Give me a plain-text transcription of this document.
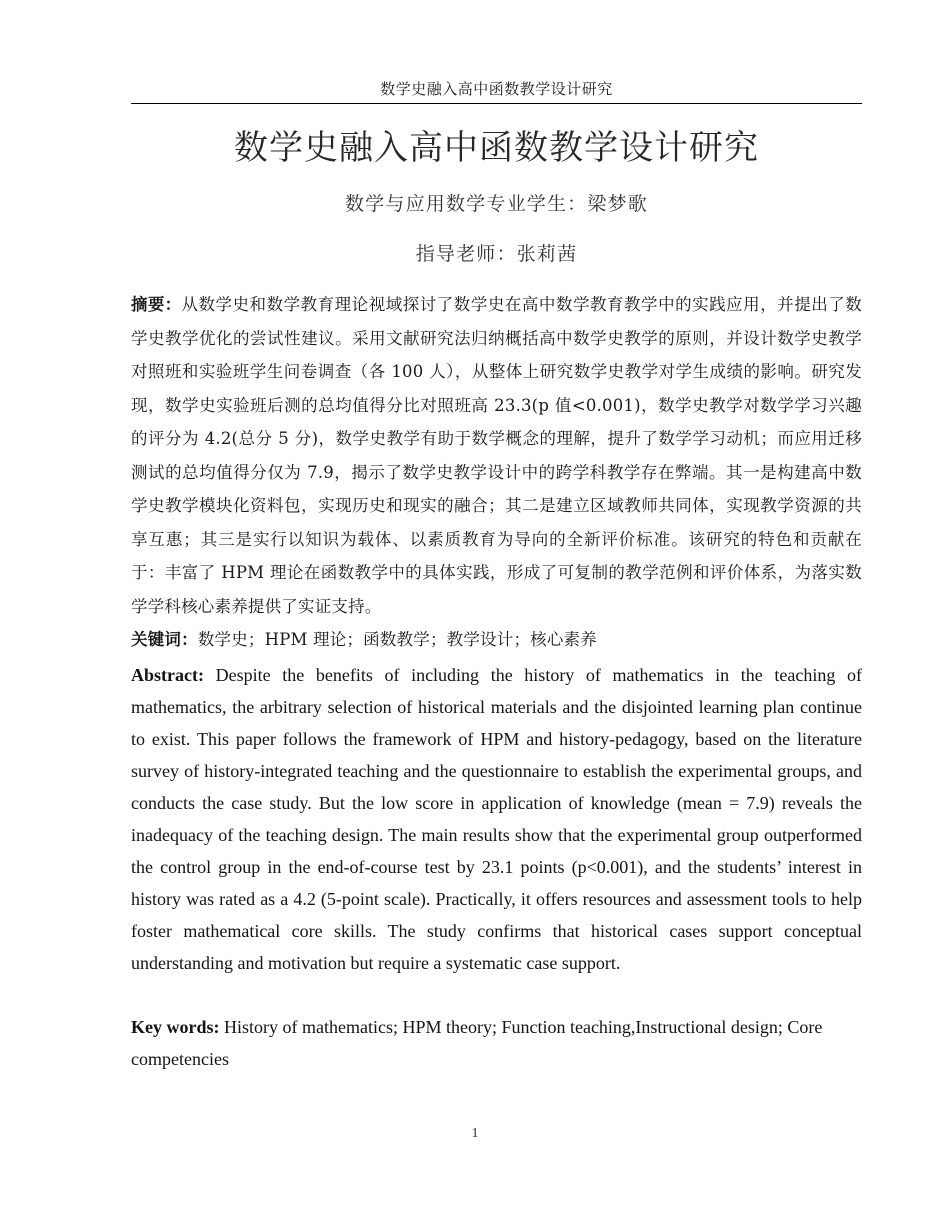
数学史融入高中函数教学设计研究
数学史融入高中函数教学设计研究
数学与应用数学专业学生：梁梦歌
指导老师：张莉茜
摘要：从数学史和数学教育理论视域探讨了数学史在高中数学教育教学中的实践应用，并提出了数学史教学优化的尝试性建议。采用文献研究法归纳概括高中数学史教学的原则，并设计数学史教学对照班和实验班学生问卷调查（各 100 人），从整体上研究数学史教学对学生成绩的影响。研究发现，数学史实验班后测的总均值得分比对照班高 23.3(p 值<0.001)，数学史教学对数学学习兴趣的评分为 4.2(总分 5 分)，数学史教学有助于数学概念的理解，提升了数学学习动机；而应用迁移测试的总均值得分仅为 7.9，揭示了数学史教学设计中的跨学科教学存在弊端。其一是构建高中数学史教学模块化资料包，实现历史和现实的融合；其二是建立区域教师共同体，实现教学资源的共享互惠；其三是实行以知识为载体、以素质教育为导向的全新评价标准。该研究的特色和贡献在于：丰富了 HPM 理论在函数教学中的具体实践，形成了可复制的教学范例和评价体系，为落实数学学科核心素养提供了实证支持。
关键词：数学史；HPM 理论；函数教学；教学设计；核心素养
Abstract: Despite the benefits of including the history of mathematics in the teaching of mathematics, the arbitrary selection of historical materials and the disjointed learning plan continue to exist. This paper follows the framework of HPM and history-pedagogy, based on the literature survey of history-integrated teaching and the questionnaire to establish the experimental groups, and conducts the case study. But the low score in application of knowledge (mean = 7.9) reveals the inadequacy of the teaching design. The main results show that the experimental group outperformed the control group in the end-of-course test by 23.1 points (p<0.001), and the students’ interest in history was rated as a 4.2 (5-point scale). Practically, it offers resources and assessment tools to help foster mathematical core skills. The study confirms that historical cases support conceptual understanding and motivation but require a systematic case support.
Key words: History of mathematics; HPM theory; Function teaching,Instructional design; Core competencies
1
